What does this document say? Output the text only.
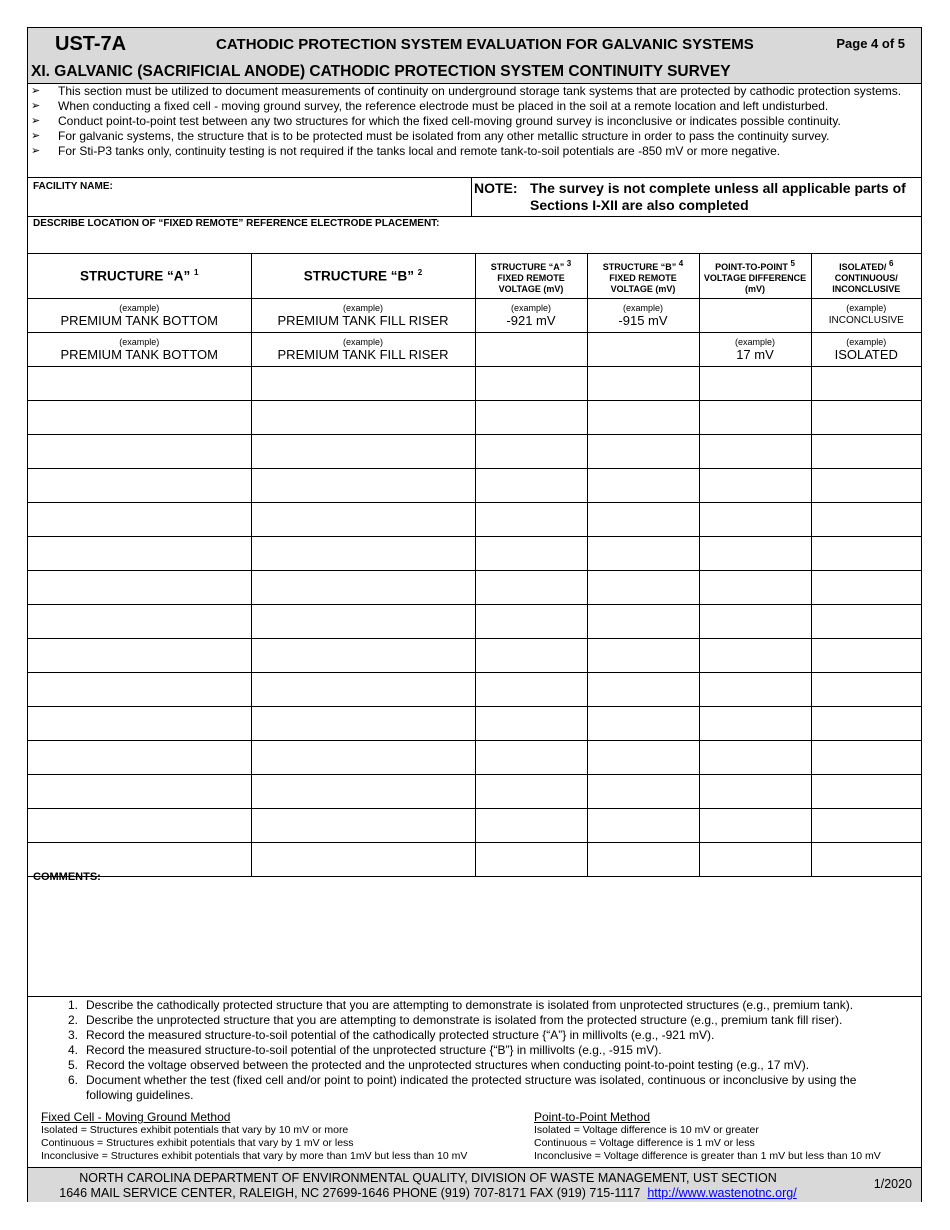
UST-7A	CATHODIC PROTECTION SYSTEM EVALUATION FOR GALVANIC SYSTEMS	Page 4 of 5
XI. GALVANIC (SACRIFICIAL ANODE) CATHODIC PROTECTION SYSTEM CONTINUITY SURVEY
➢ This section must be utilized to document measurements of continuity on underground storage tank systems that are protected by cathodic protection systems.
➢ When conducting a fixed cell - moving ground survey, the reference electrode must be placed in the soil at a remote location and left undisturbed.
➢ Conduct point-to-point test between any two structures for which the fixed cell-moving ground survey is inconclusive or indicates possible continuity.
➢ For galvanic systems, the structure that is to be protected must be isolated from any other metallic structure in order to pass the continuity survey.
➢ For Sti-P3 tanks only, continuity testing is not required if the tanks local and remote tank-to-soil potentials are -850 mV or more negative.
FACILITY NAME:	NOTE: The survey is not complete unless all applicable parts of
Sections I-XII are also completed
DESCRIBE LOCATION OF “FIXED REMOTE” REFERENCE ELECTRODE PLACEMENT:
STRUCTURE “A” $^1$	STRUCTURE “B” $^2$	STRUCTURE “A” $^3$
FIXED REMOTE
VOLTAGE (mV)	STRUCTURE “B” $^4$
FIXED REMOTE
VOLTAGE (mV)	POINT-TO-POINT $^5$
VOLTAGE DIFFERENCE
(mV)	ISOLATED/ $^6$
CONTINUOUS/
INCONCLUSIVE

(example)
PREMIUM TANK BOTTOM	(example)
PREMIUM TANK FILL RISER	(example)
-921 mV	(example)
-915 mV		(example)
INCONCLUSIVE

(example)
PREMIUM TANK BOTTOM	(example)
PREMIUM TANK FILL RISER			(example)
17 mV	(example)
ISOLATED

COMMENTS:
1. Describe the cathodically protected structure that you are attempting to demonstrate is isolated from unprotected structures (e.g., premium tank).
2. Describe the unprotected structure that you are attempting to demonstrate is isolated from the protected structure (e.g., premium tank fill riser).
3. Record the measured structure-to-soil potential of the cathodically protected structure {“A”} in millivolts (e.g., -921 mV).
4. Record the measured structure-to-soil potential of the unprotected structure {“B”} in millivolts (e.g., -915 mV).
5. Record the voltage observed between the protected and the unprotected structures when conducting point-to-point testing (e.g., 17 mV).
6. Document whether the test (fixed cell and/or point to point) indicated the protected structure was isolated, continuous or inconclusive by using the following guidelines.
Fixed Cell - Moving Ground Method
Isolated = Structures exhibit potentials that vary by 10 mV or more
Continuous = Structures exhibit potentials that vary by 1 mV or less
Inconclusive = Structures exhibit potentials that vary by more than 1mV but less than 10 mV
Point-to-Point Method
Isolated = Voltage difference is 10 mV or greater
Continuous = Voltage difference is 1 mV or less
Inconclusive = Voltage difference is greater than 1 mV but less than 10 mV
NORTH CAROLINA DEPARTMENT OF ENVIRONMENTAL QUALITY, DIVISION OF WASTE MANAGEMENT, UST SECTION
1646 MAIL SERVICE CENTER, RALEIGH, NC 27699-1646 PHONE (919) 707-8171 FAX (919) 715-1117 http://www.wastenotnc.org/
1/2020
